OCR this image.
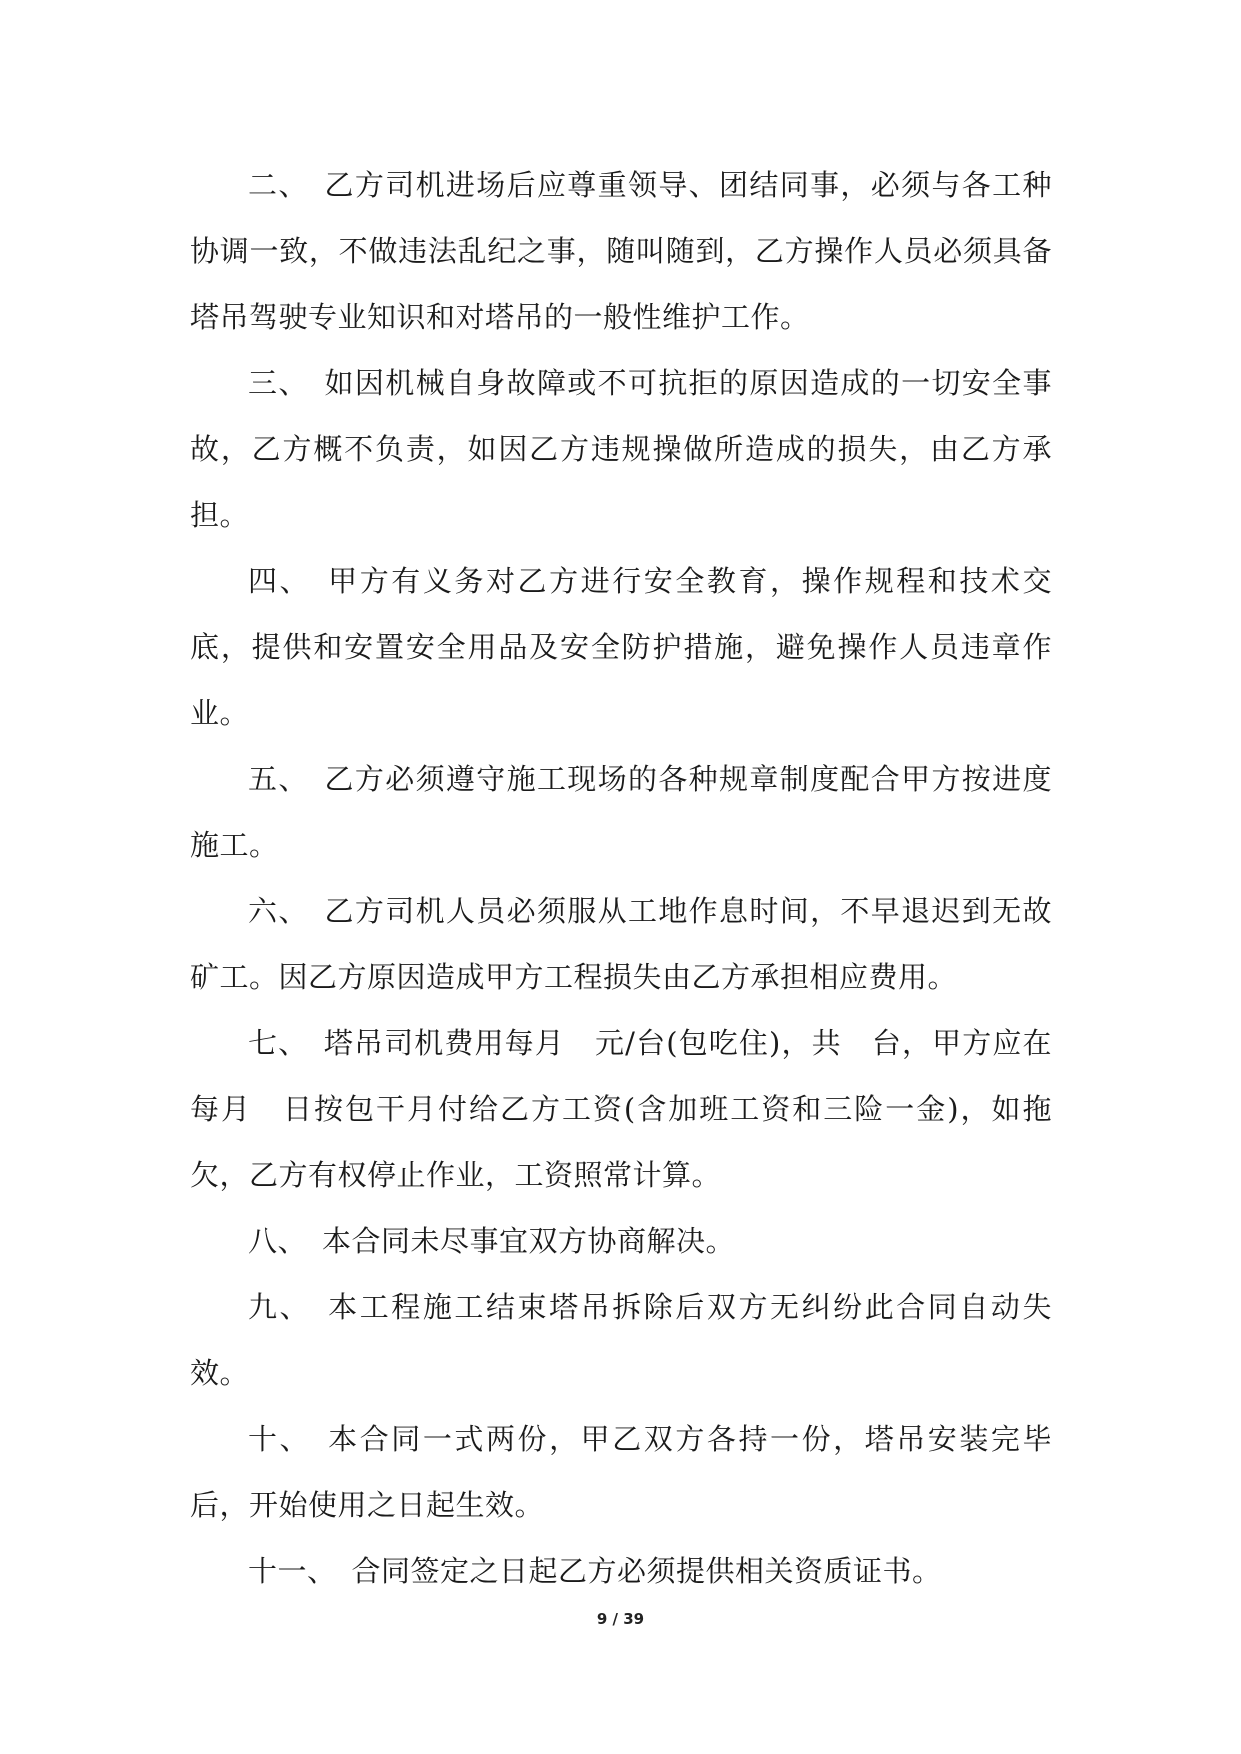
二、　乙方司机进场后应尊重领导、团结同事，必须与各工种协调一致，不做违法乱纪之事，随叫随到，乙方操作人员必须具备塔吊驾驶专业知识和对塔吊的一般性维护工作。

三、　如因机械自身故障或不可抗拒的原因造成的一切安全事故，乙方概不负责，如因乙方违规操做所造成的损失，由乙方承担。

四、　甲方有义务对乙方进行安全教育，操作规程和技术交底，提供和安置安全用品及安全防护措施，避免操作人员违章作业。

五、　乙方必须遵守施工现场的各种规章制度配合甲方按进度施工。

六、　乙方司机人员必须服从工地作息时间，不早退迟到无故矿工。因乙方原因造成甲方工程损失由乙方承担相应费用。

七、　塔吊司机费用每月　元/台(包吃住)，共　台，甲方应在每月　日按包干月付给乙方工资(含加班工资和三险一金)，如拖欠，乙方有权停止作业，工资照常计算。

八、　本合同未尽事宜双方协商解决。

九、　本工程施工结束塔吊拆除后双方无纠纷此合同自动失效。

十、　本合同一式两份，甲乙双方各持一份，塔吊安装完毕后，开始使用之日起生效。

十一、　合同签定之日起乙方必须提供相关资质证书。

9 / 39
